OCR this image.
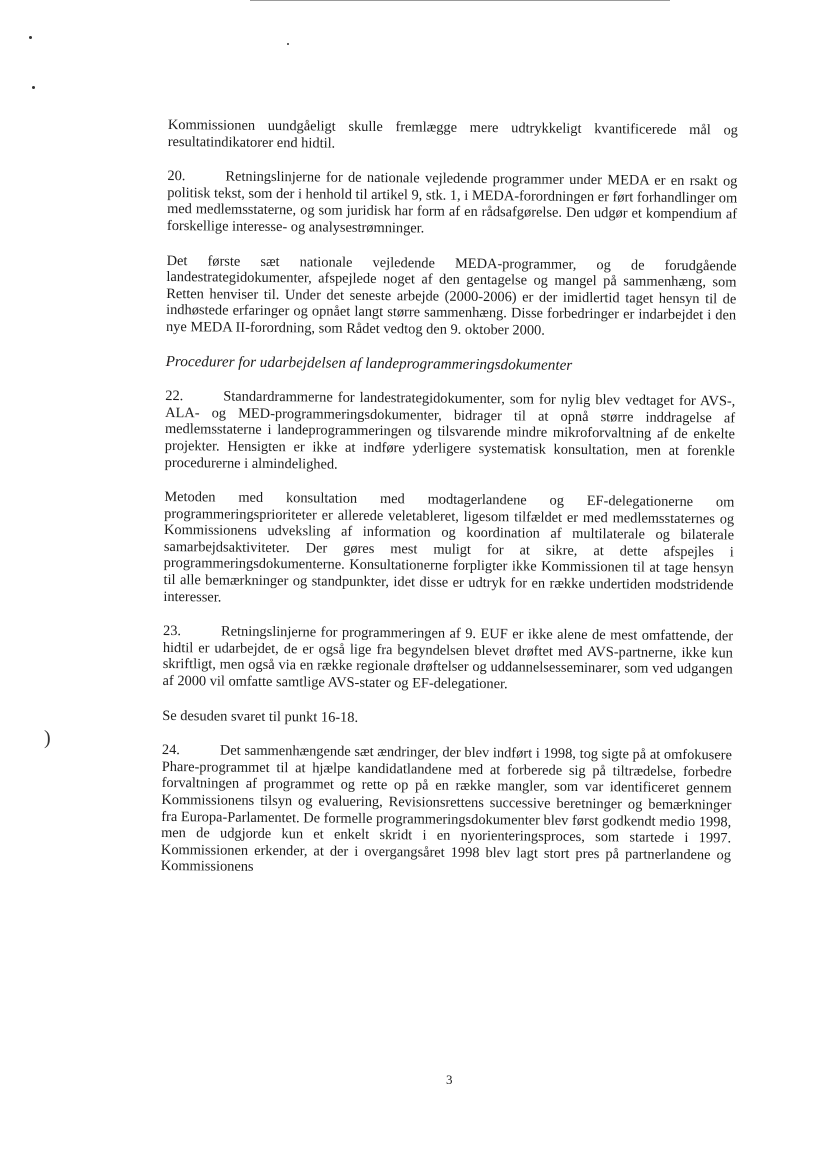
)

Kommissionen uundgåeligt skulle fremlægge mere udtrykkeligt kvantificerede mål og resultatindikatorer end hidtil.

20.	Retningslinjerne for de nationale vejledende programmer under MEDA er en rsakt og politisk tekst, som der i henhold til artikel 9, stk. 1, i MEDA-forordningen er ført forhandlinger om med medlemsstaterne, og som juridisk har form af en rådsafgørelse. Den udgør et kompendium af forskellige interesse- og analysestrømninger.

Det første sæt nationale vejledende MEDA-programmer, og de forudgående landestrategidokumenter, afspejlede noget af den gentagelse og mangel på sammenhæng, som Retten henviser til. Under det seneste arbejde (2000-2006) er der imidlertid taget hensyn til de indhøstede erfaringer og opnået langt større sammenhæng. Disse forbedringer er indarbejdet i den nye MEDA II-forordning, som Rådet vedtog den 9. oktober 2000.

Procedurer for udarbejdelsen af landeprogrammeringsdokumenter

22.	Standardrammerne for landestrategidokumenter, som for nylig blev vedtaget for AVS-, ALA- og MED-programmeringsdokumenter, bidrager til at opnå større inddragelse af medlemsstaterne i landeprogrammeringen og tilsvarende mindre mikroforvaltning af de enkelte projekter. Hensigten er ikke at indføre yderligere systematisk konsultation, men at forenkle procedurerne i almindelighed.

Metoden med konsultation med modtagerlandene og EF-delegationerne om programmeringsprioriteter er allerede veletableret, ligesom tilfældet er med medlemsstaternes og Kommissionens udveksling af information og koordination af multilaterale og bilaterale samarbejdsaktiviteter. Der gøres mest muligt for at sikre, at dette afspejles i programmeringsdokumenterne. Konsultationerne forpligter ikke Kommissionen til at tage hensyn til alle bemærkninger og standpunkter, idet disse er udtryk for en række undertiden modstridende interesser.

23.	Retningslinjerne for programmeringen af 9. EUF er ikke alene de mest omfattende, der hidtil er udarbejdet, de er også lige fra begyndelsen blevet drøftet med AVS-partnerne, ikke kun skriftligt, men også via en række regionale drøftelser og uddannelsesseminarer, som ved udgangen af 2000 vil omfatte samtlige AVS-stater og EF-delegationer.

Se desuden svaret til punkt 16-18.

24.	Det sammenhængende sæt ændringer, der blev indført i 1998, tog sigte på at omfokusere Phare-programmet til at hjælpe kandidatlandene med at forberede sig på tiltrædelse, forbedre forvaltningen af programmet og rette op på en række mangler, som var identificeret gennem Kommissionens tilsyn og evaluering, Revisionsrettens successive beretninger og bemærkninger fra Europa-Parlamentet. De formelle programmeringsdokumenter blev først godkendt medio 1998, men de udgjorde kun et enkelt skridt i en nyorienteringsproces, som startede i 1997. Kommissionen erkender, at der i overgangsåret 1998 blev lagt stort pres på partnerlandene og Kommissionens

3
